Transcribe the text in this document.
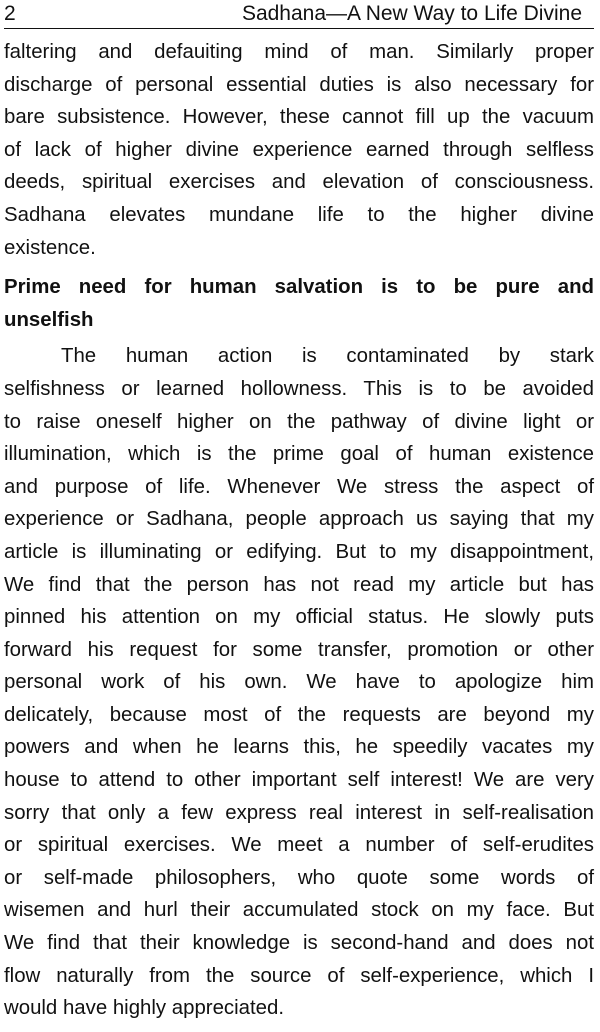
2	Sadhana—A New Way to Life Divine
faltering and defauiting mind of man. Similarly proper
discharge of personal essential duties is also necessary for
bare subsistence. However, these cannot fill up the vacuum
of lack of higher divine experience earned through selfless
deeds, spiritual exercises and elevation of consciousness.
Sadhana elevates mundane life to the higher divine
existence.
Prime need for human salvation is to be pure and
unselfish
The human action is contaminated by stark
selfishness or learned hollowness. This is to be avoided
to raise oneself higher on the pathway of divine light or
illumination, which is the prime goal of human existence
and purpose of life. Whenever We stress the aspect of
experience or Sadhana, people approach us saying that my
article is illuminating or edifying. But to my disappointment,
We find that the person has not read my article but has
pinned his attention on my official status. He slowly puts
forward his request for some transfer, promotion or other
personal work of his own. We have to apologize him
delicately, because most of the requests are beyond my
powers and when he learns this, he speedily vacates my
house to attend to other important self interest! We are very
sorry that only a few express real interest in self-realisation
or spiritual exercises. We meet a number of self-erudites
or self-made philosophers, who quote some words of
wisemen and hurl their accumulated stock on my face. But
We find that their knowledge is second-hand and does not
flow naturally from the source of self-experience, which I
would have highly appreciated.
